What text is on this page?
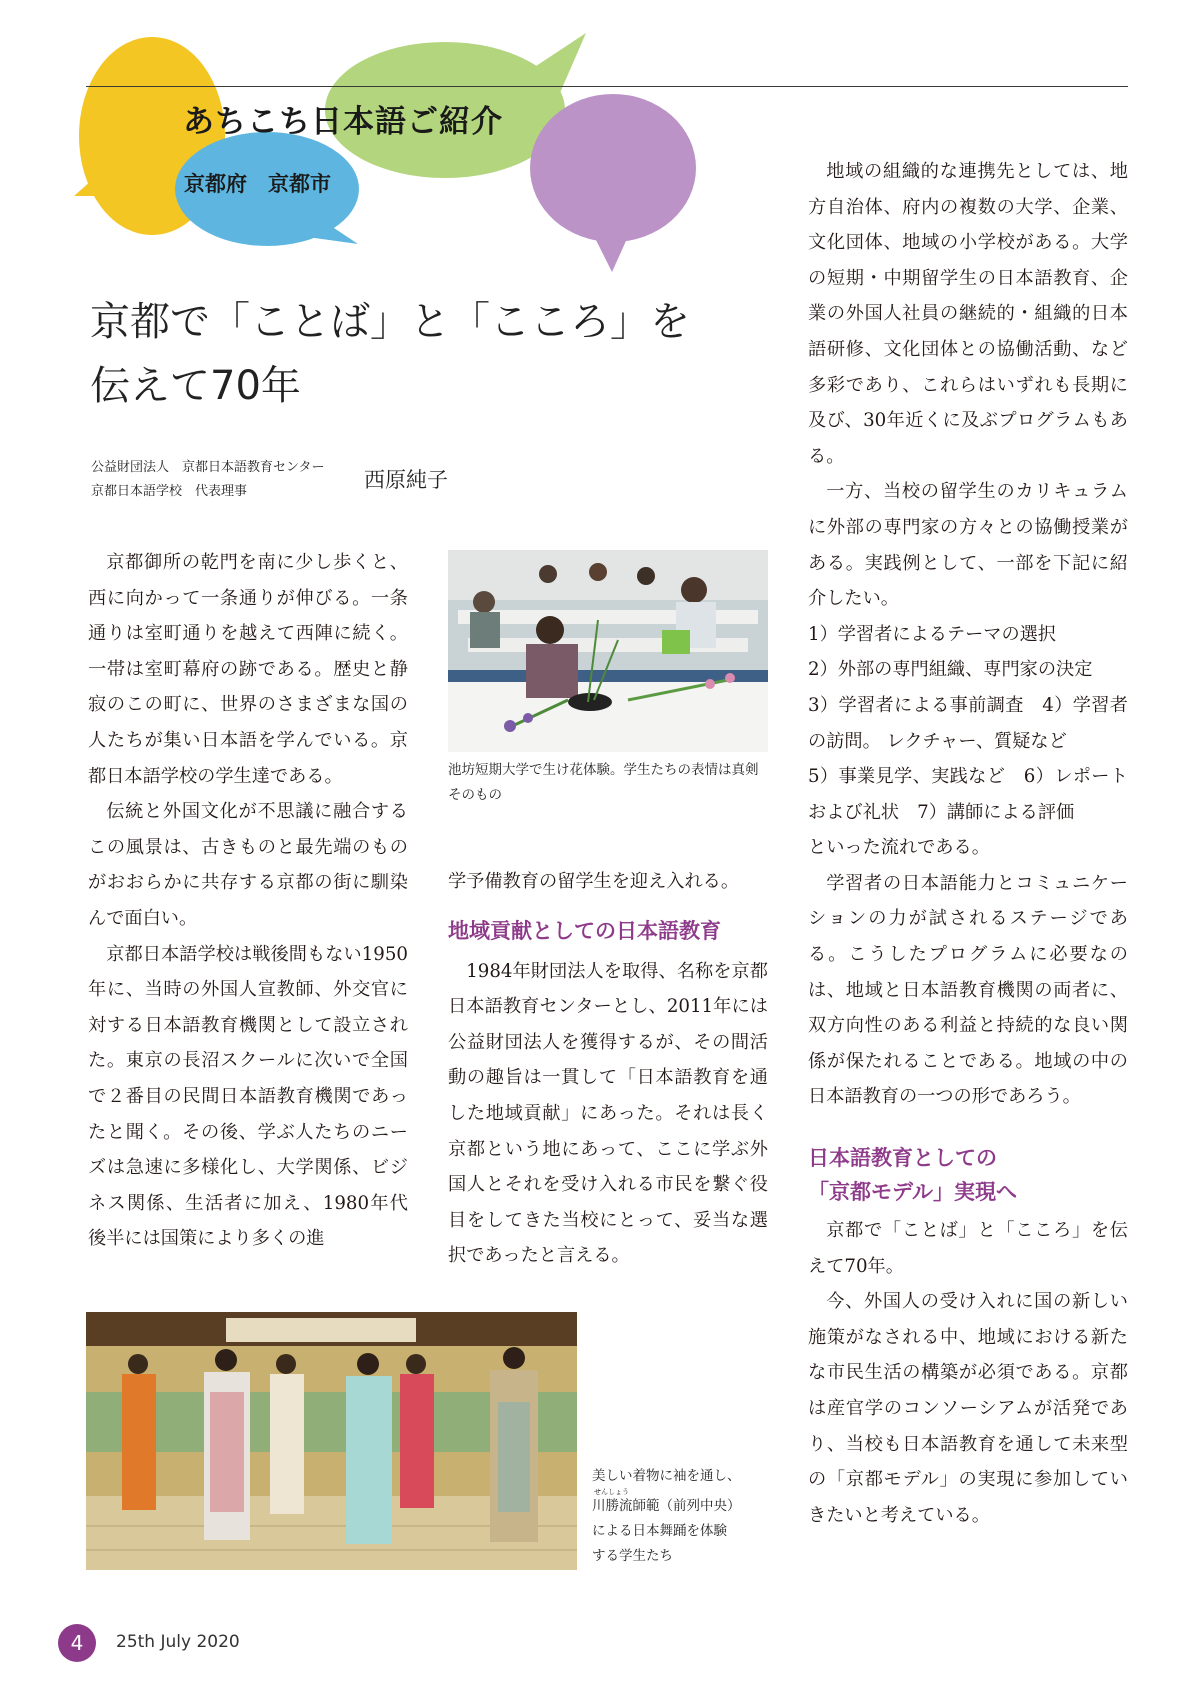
あちこち日本語ご紹介
京都府　京都市
京都で「ことば」と「こころ」を
伝えて70年
公益財団法人　京都日本語教育センター
京都日本語学校　代表理事	西原純子

京都御所の乾門を南に少し歩くと、西に向かって一条通りが伸びる。一条通りは室町通りを越えて西陣に続く。一帯は室町幕府の跡である。歴史と静寂のこの町に、世界のさまざまな国の人たちが集い日本語を学んでいる。京都日本語学校の学生達である。

伝統と外国文化が不思議に融合するこの風景は、古きものと最先端のものがおおらかに共存する京都の街に馴染んで面白い。

京都日本語学校は戦後間もない1950年に、当時の外国人宣教師、外交官に対する日本語教育機関として設立された。東京の長沼スクールに次いで全国で２番目の民間日本語教育機関であったと聞く。その後、学ぶ人たちのニーズは急速に多様化し、大学関係、ビジネス関係、生活者に加え、1980年代後半には国策により多くの進

池坊短期大学で生け花体験。学生たちの表情は真剣そのもの

学予備教育の留学生を迎え入れる。

地域貢献としての日本語教育

1984年財団法人を取得、名称を京都日本語教育センターとし、2011年には公益財団法人を獲得するが、その間活動の趣旨は一貫して「日本語教育を通した地域貢献」にあった。それは長く京都という地にあって、ここに学ぶ外国人とそれを受け入れる市民を繋ぐ役目をしてきた当校にとって、妥当な選択であったと言える。

地域の組織的な連携先としては、地方自治体、府内の複数の大学、企業、文化団体、地域の小学校がある。大学の短期・中期留学生の日本語教育、企業の外国人社員の継続的・組織的日本語研修、文化団体との協働活動、など多彩であり、これらはいずれも長期に及び、30年近くに及ぶプログラムもある。

一方、当校の留学生のカリキュラムに外部の専門家の方々との協働授業がある。実践例として、一部を下記に紹介したい。

1）学習者によるテーマの選択

2）外部の専門組織、専門家の決定

3）学習者による事前調査　4）学習者の訪問。 レクチャー、質疑など

5）事業見学、実践など　6）レポートおよび礼状　7）講師による評価

といった流れである。

学習者の日本語能力とコミュニケーションの力が試されるステージである。こうしたプログラムに必要なのは、地域と日本語教育機関の両者に、双方向性のある利益と持続的な良い関係が保たれることである。地域の中の日本語教育の一つの形であろう。

日本語教育としての
「京都モデル」実現へ

京都で「ことば」と「こころ」を伝えて70年。

今、外国人の受け入れに国の新しい施策がなされる中、地域における新たな市民生活の構築が必須である。京都は産官学のコンソーシアムが活発であり、当校も日本語教育を通して未来型の「京都モデル」の実現に参加していきたいと考えている。

美しい着物に袖を通し、
せんしょう
川勝流師範（前列中央）
による日本舞踊を体験
する学生たち
4	25th July 2020
